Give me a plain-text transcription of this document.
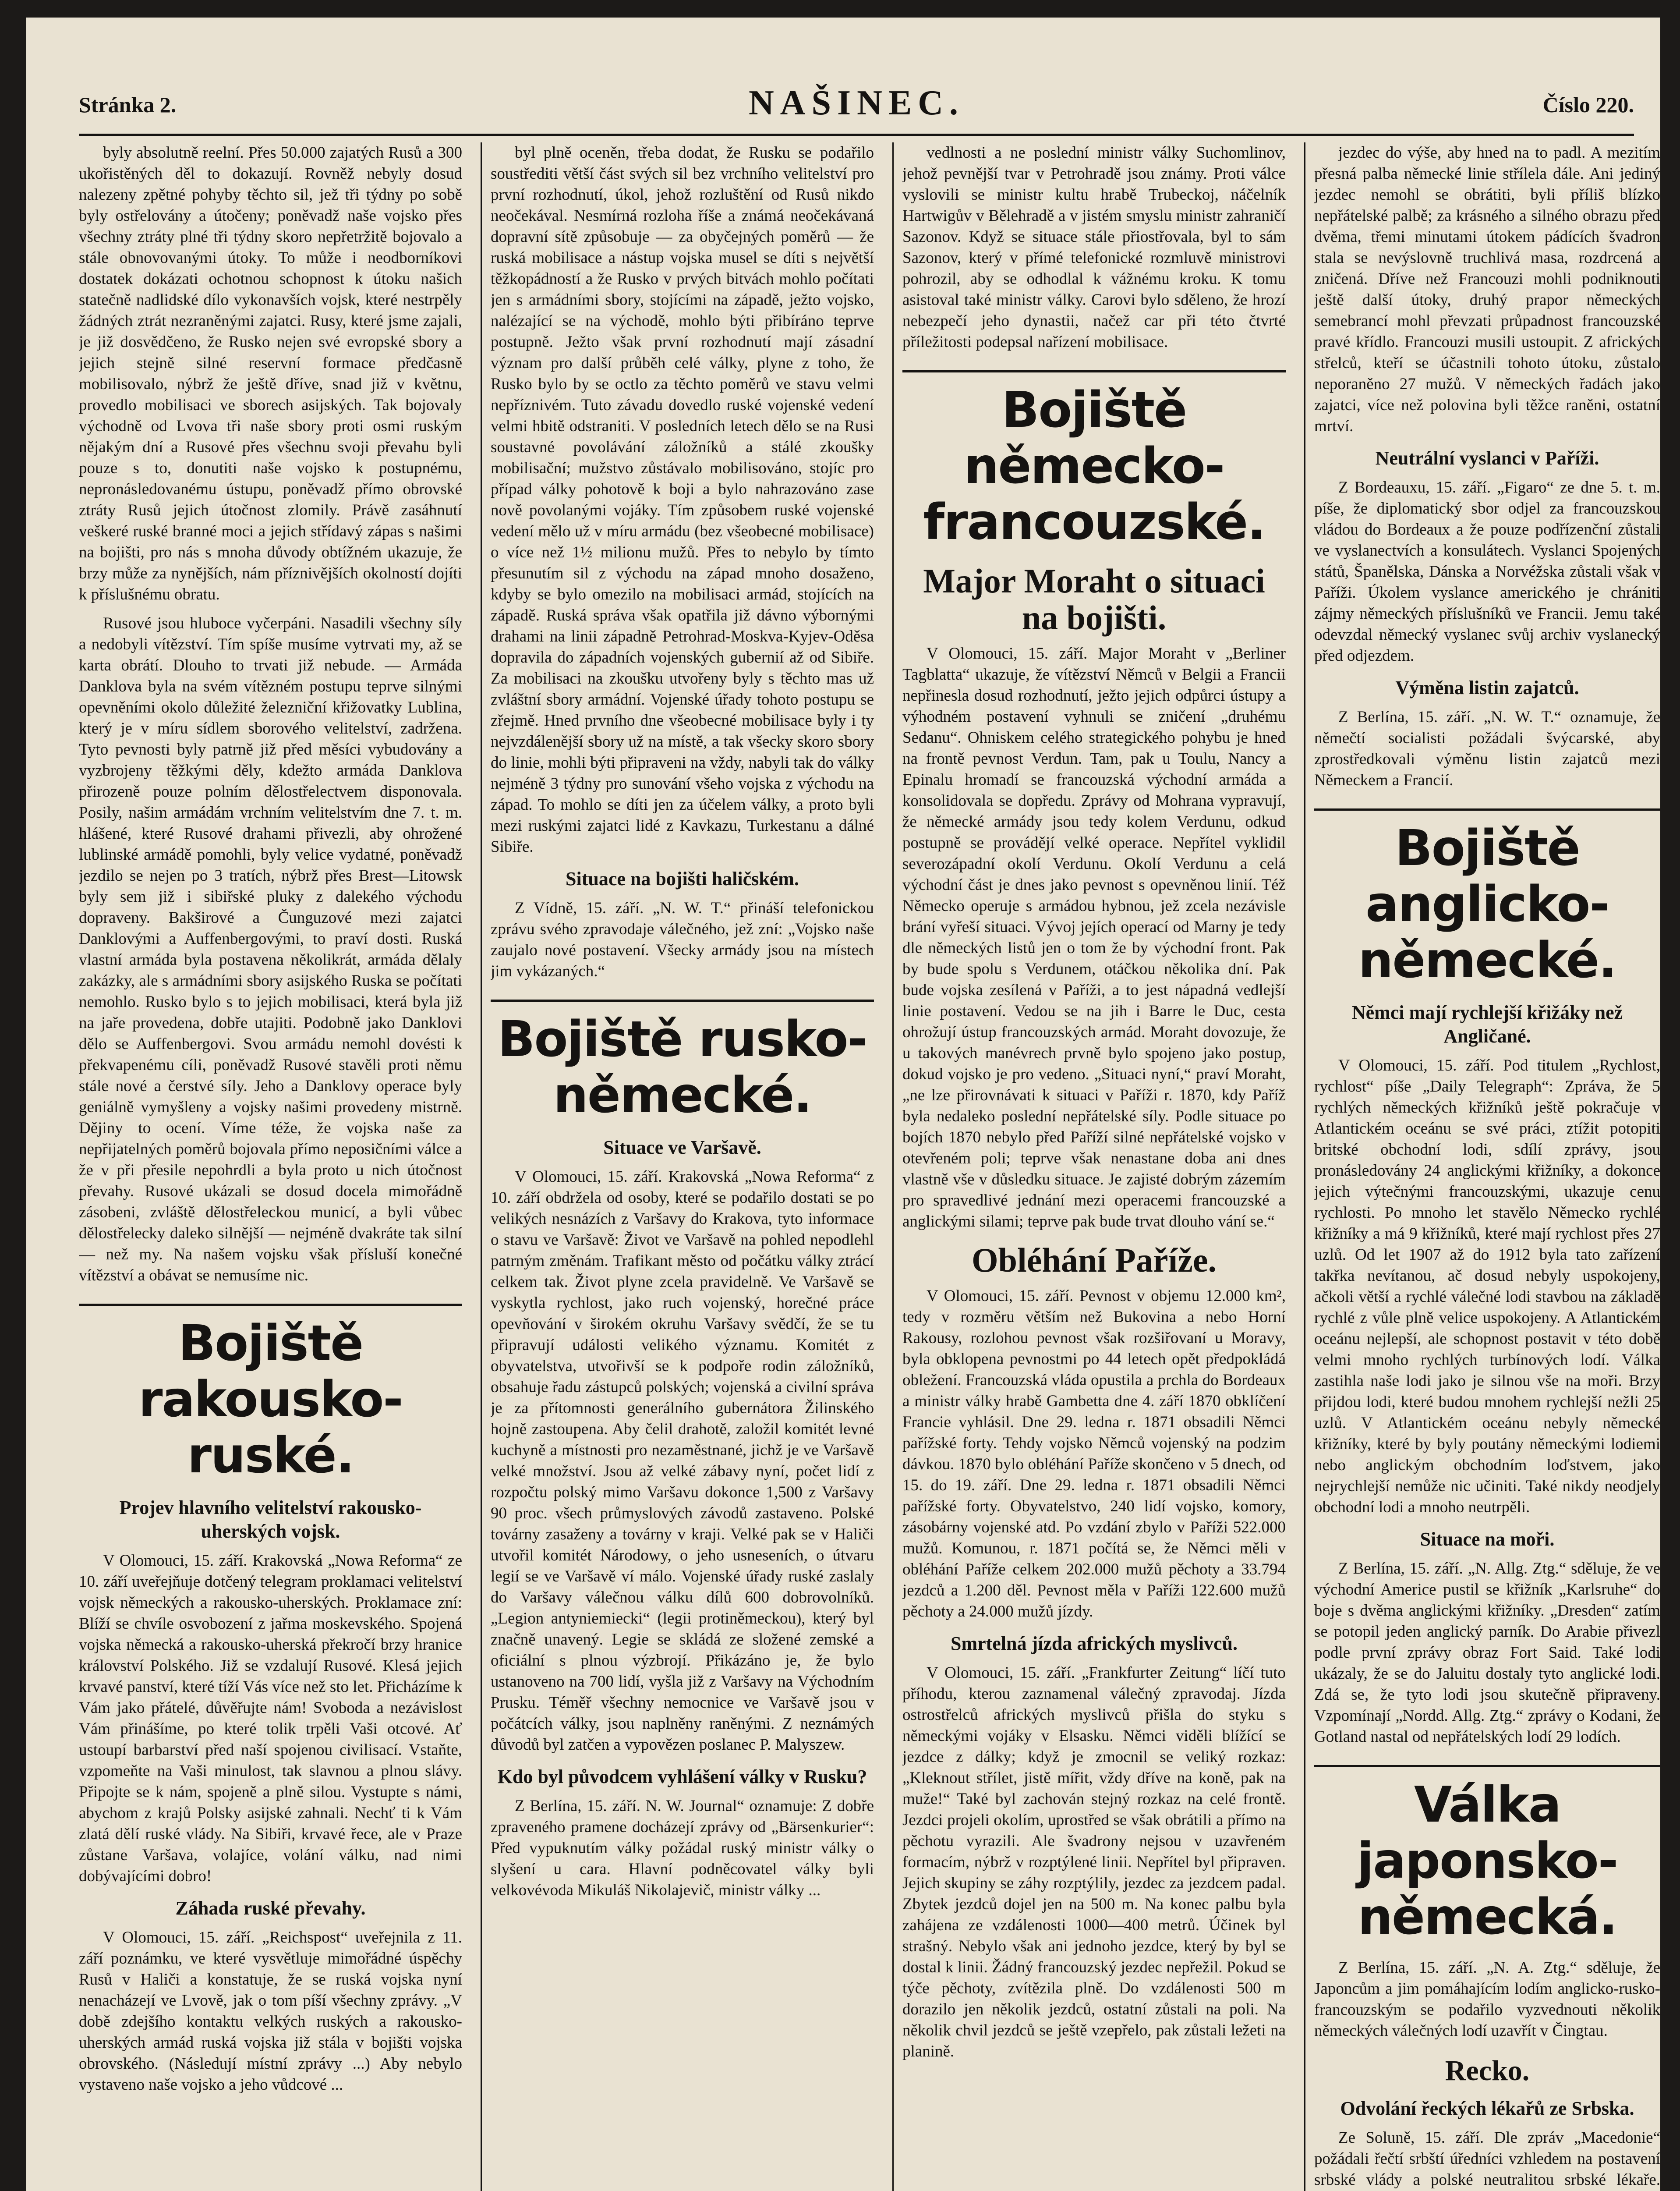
Stránka 2.	NAŠINEC.	Číslo 220.

byly absolutně reelní. Přes 50.000 zajatých Rusů a 300 ukořistěných děl to dokazují. Rovněž nebyly dosud nalezeny zpětné pohyby těchto sil, jež tři týdny po sobě byly ostřelovány a útočeny; poněvadž naše vojsko přes všechny ztráty plné tři týdny skoro nepřetržitě bojovalo a stále obnovovanými útoky. To může i neodborníkovi dostatek dokázati ochotnou schopnost k útoku našich statečně nadlidské dílo vykonavších vojsk, které nestrpěly žádných ztrát nezraněnými zajatci. Rusy, které jsme zajali, je již dosvědčeno, že Rusko nejen své evropské sbory a jejich stejně silné reservní formace předčasně mobilisovalo, nýbrž že ještě dříve, snad již v květnu, provedlo mobilisaci ve sborech asijských. Tak bojovaly východně od Lvova tři naše sbory proti osmi ruským nějakým dní a Rusové přes všechnu svoji převahu byli pouze s to, donutiti naše vojsko k postupnému, nepronásledovanému ústupu, poněvadž přímo obrovské ztráty Rusů jejich útočnost zlomily. Právě zasáhnutí veškeré ruské branné moci a jejich střídavý zápas s našimi na bojišti, pro nás s mnoha důvody obtížném ukazuje, že brzy může za nynějších, nám příznivějších okolností dojíti k příslušnému obratu.

Rusové jsou hluboce vyčerpáni. Nasadili všechny síly a nedobyli vítězství. Tím spíše musíme vytrvati my, až se karta obrátí. Dlouho to trvati již nebude. — Armáda Danklova byla na svém vítězném postupu teprve silnými opevněními okolo důležité železniční křižovatky Lublina, který je v míru sídlem sborového velitelství, zadržena. Tyto pevnosti byly patrně již před měsíci vybudovány a vyzbrojeny těžkými děly, kdežto armáda Danklova přirozeně pouze polním dělostřelectvem disponovala. Posily, našim armádám vrchním velitelstvím dne 7. t. m. hlášené, které Rusové drahami přivezli, aby ohrožené lublinské armádě pomohli, byly velice vydatné, poněvadž jezdilo se nejen po 3 tratích, nýbrž přes Brest—Litowsk byly sem již i sibiřské pluky z dalekého východu dopraveny. Bakširové a Čunguzové mezi zajatci Danklovými a Auffenbergovými, to praví dosti. Ruská vlastní armáda byla postavena několikrát, armáda dělaly zakázky, ale s armádními sbory asijského Ruska se počítati nemohlo. Rusko bylo s to jejich mobilisaci, která byla již na jaře provedena, dobře utajiti. Podobně jako Danklovi dělo se Auffenbergovi. Svou armádu nemohl dovésti k překvapenému cíli, poněvadž Rusové stavěli proti němu stále nové a čerstvé síly. Jeho a Danklovy operace byly geniálně vymyšleny a vojsky našimi provedeny mistrně. Dějiny to ocení. Víme téže, že vojska naše za nepřijatelných poměrů bojovala přímo neposičními válce a že v při přesile nepohrdli a byla proto u nich útočnost převahy. Rusové ukázali se dosud docela mimořádně zásobeni, zvláště dělostřeleckou municí, a byli vůbec dělostřelecky daleko silnější — nejméně dvakráte tak silní — než my. Na našem vojsku však přísluší konečné vítězství a obávat se nemusíme nic.

Bojiště rakousko-ruské.
Projev hlavního velitelství rakousko-uherských vojsk.

V Olomouci, 15. září. Krakovská „Nowa Reforma“ ze 10. září uveřejňuje dotčený telegram proklamaci velitelství vojsk německých a rakousko-uherských. Proklamace zní: Blíží se chvíle osvobození z jařma moskevského. Spojená vojska německá a rakousko-uherská překročí brzy hranice království Polského. Již se vzdalují Rusové. Klesá jejich krvavé panství, které tíží Vás více než sto let. Přicházíme k Vám jako přátelé, důvěřujte nám! Svoboda a nezávislost Vám přinášíme, po které tolik trpěli Vaši otcové. Ať ustoupí barbarství před naší spojenou civilisací. Vstaňte, vzpomeňte na Vaši minulost, tak slavnou a plnou slávy. Připojte se k nám, spojeně a plně silou. Vystupte s námi, abychom z krajů Polsky asijské zahnali. Nechť ti k Vám zlatá dělí ruské vlády. Na Sibiři, krvavé řece, ale v Praze zůstane Varšava, volajíce, volání válku, nad nimi dobývajícími dobro!

Záhada ruské převahy.

V Olomouci, 15. září. „Reichspost“ uveřejnila z 11. září poznámku, ve které vysvětluje mimořádné úspěchy Rusů v Haliči a konstatuje, že se ruská vojska nyní nenacházejí ve Lvově, jak o tom píší všechny zprávy. „V době zdejšího kontaktu velkých ruských a rakousko-uherských armád ruská vojska již stála v bojišti vojska obrovského. (Následují místní zprávy ...) Aby nebylo vystaveno naše vojsko a jeho vůdcové ...

byl plně oceněn, třeba dodat, že Rusku se podařilo soustřediti větší část svých sil bez vrchního velitelství pro první rozhodnutí, úkol, jehož rozluštění od Rusů nikdo neočekával. Nesmírná rozloha říše a známá neočekávaná dopravní sítě způsobuje — za obyčejných poměrů — že ruská mobilisace a nástup vojska musel se díti s největší těžkopádností a že Rusko v prvých bitvách mohlo počítati jen s armádními sbory, stojícími na západě, ježto vojsko, nalézající se na východě, mohlo býti přibíráno teprve postupně. Ježto však první rozhodnutí mají zásadní význam pro další průběh celé války, plyne z toho, že Rusko bylo by se octlo za těchto poměrů ve stavu velmi nepříznivém. Tuto závadu dovedlo ruské vojenské vedení velmi hbitě odstraniti. V posledních letech dělo se na Rusi soustavné povolávání záložníků a stálé zkoušky mobilisační; mužstvo zůstávalo mobilisováno, stojíc pro případ války pohotově k boji a bylo nahrazováno zase nově povolanými vojáky. Tím způsobem ruské vojenské vedení mělo už v míru armádu (bez všeobecné mobilisace) o více než 1½ milionu mužů. Přes to nebylo by tímto přesunutím sil z východu na západ mnoho dosaženo, kdyby se bylo omezilo na mobilisaci armád, stojících na západě. Ruská správa však opatřila již dávno výbornými drahami na linii západně Petrohrad-Moskva-Kyjev-Oděsa dopravila do západních vojenských gubernií až od Sibiře. Za mobilisaci na zkoušku utvořeny byly s těchto mas už zvláštní sbory armádní. Vojenské úřady tohoto postupu se zřejmě. Hned prvního dne všeobecné mobilisace byly i ty nejvzdálenější sbory už na místě, a tak všecky skoro sbory do linie, mohli býti připraveni na vždy, nabyli tak do války nejméně 3 týdny pro sunování všeho vojska z východu na západ. To mohlo se díti jen za účelem války, a proto byli mezi ruskými zajatci lidé z Kavkazu, Turkestanu a dálné Sibiře.

Situace na bojišti haličském.

Z Vídně, 15. září. „N. W. T.“ přináší telefonickou zprávu svého zpravodaje válečného, jež zní: „Vojsko naše zaujalo nové postavení. Všecky armády jsou na místech jim vykázaných.“

Bojiště rusko-německé.
Situace ve Varšavě.

V Olomouci, 15. září. Krakovská „Nowa Reforma“ z 10. září obdržela od osoby, které se podařilo dostati se po velikých nesnázích z Varšavy do Krakova, tyto informace o stavu ve Varšavě: Život ve Varšavě na pohled nepodlehl patrným změnám. Trafikant město od počátku války ztrácí celkem tak. Život plyne zcela pravidelně. Ve Varšavě se vyskytla rychlost, jako ruch vojenský, horečné práce opevňování v širokém okruhu Varšavy svědčí, že se tu připravují události velikého významu. Komitét z obyvatelstva, utvořivší se k podpoře rodin záložníků, obsahuje řadu zástupců polských; vojenská a civilní správa je za přítomnosti generálního gubernátora Žilinského hojně zastoupena. Aby čelil drahotě, založil komitét levné kuchyně a místnosti pro nezaměstnané, jichž je ve Varšavě velké množství. Jsou až velké zábavy nyní, počet lidí z rozpočtu polský mimo Varšavu dokonce 1,500 z Varšavy 90 proc. všech průmyslových závodů zastaveno. Polské továrny zasaženy a továrny v kraji. Velké pak se v Haliči utvořil komitét Národowy, o jeho usneseních, o útvaru legií se ve Varšavě ví málo. Vojenské úřady ruské zaslaly do Varšavy válečnou válku dílů 600 dobrovolníků. „Legion antyniemiecki“ (legii protiněmeckou), který byl značně unavený. Legie se skládá ze složené zemské a oficiální s plnou výzbrojí. Přikázáno je, že bylo ustanoveno na 700 lidí, vyšla již z Varšavy na Východním Prusku. Téměř všechny nemocnice ve Varšavě jsou v počátcích války, jsou naplněny raněnými. Z neznámých důvodů byl zatčen a vypovězen poslanec P. Malyszew.

Kdo byl původcem vyhlášení války v Rusku?

Z Berlína, 15. září. N. W. Journal“ oznamuje: Z dobře zpraveného pramene docházejí zprávy od „Bärsenkurier“: Před vypuknutím války požádal ruský ministr války o slyšení u cara. Hlavní podněcovatel války byli velkovévoda Mikuláš Nikolajevič, ministr války ...

vedlnosti a ne poslední ministr války Suchomlinov, jehož pevnější tvar v Petrohradě jsou známy. Proti válce vyslovili se ministr kultu hrabě Trubeckoj, náčelník Hartwigův v Bělehradě a v jistém smyslu ministr zahraničí Sazonov. Když se situace stále přiostřovala, byl to sám Sazonov, který v přímé telefonické rozmluvě ministrovi pohrozil, aby se odhodlal k vážnému kroku. K tomu asistoval také ministr války. Carovi bylo sděleno, že hrozí nebezpečí jeho dynastii, načež car při této čtvrté příležitosti podepsal nařízení mobilisace.

Bojiště německo-francouzské.
Major Moraht o situaci na bojišti.

V Olomouci, 15. září. Major Moraht v „Berliner Tagblatta“ ukazuje, že vítězství Němců v Belgii a Francii nepřinesla dosud rozhodnutí, ježto jejich odpůrci ústupy a výhodném postavení vyhnuli se zničení „druhému Sedanu“. Ohniskem celého strategického pohybu je hned na frontě pevnost Verdun. Tam, pak u Toulu, Nancy a Epinalu hromadí se francouzská východní armáda a konsolidovala se dopředu. Zprávy od Mohrana vypravují, že německé armády jsou tedy kolem Verdunu, odkud postupně se provádějí velké operace. Nepřítel vyklidil severozápadní okolí Verdunu. Okolí Verdunu a celá východní část je dnes jako pevnost s opevněnou linií. Též Německo operuje s armádou hybnou, jež zcela nezávisle brání vyřeší situaci. Vývoj jejích operací od Marny je tedy dle německých listů jen o tom že by východní front. Pak by bude spolu s Verdunem, otáčkou několika dní. Pak bude vojska zesílená v Paříži, a to jest nápadná vedlejší linie postavení. Vedou se na jih i Barre le Duc, cesta ohrožují ústup francouzských armád. Moraht dovozuje, že u takových manévrech prvně bylo spojeno jako postup, dokud vojsko je pro vedeno. „Situaci nyní,“ praví Moraht, „ne lze přirovnávati k situaci v Paříži r. 1870, kdy Paříž byla nedaleko poslední nepřátelské síly. Podle situace po bojích 1870 nebylo před Paříží silné nepřátelské vojsko v otevřeném poli; teprve však nenastane doba ani dnes vlastně vše v důsledku situace. Je zajisté dobrým zázemím pro spravedlivé jednání mezi operacemi francouzské a anglickými silami; teprve pak bude trvat dlouho vání se.“

Obléhání Paříže.

V Olomouci, 15. září. Pevnost v objemu 12.000 km², tedy v rozměru větším než Bukovina a nebo Horní Rakousy, rozlohou pevnost však rozšiřovaní u Moravy, byla obklopena pevnostmi po 44 letech opět předpokládá obležení. Francouzská vláda opustila a prchla do Bordeaux a ministr války hrabě Gambetta dne 4. září 1870 obklíčení Francie vyhlásil. Dne 29. ledna r. 1871 obsadili Němci pařížské forty. Tehdy vojsko Němců vojenský na podzim dávkou. 1870 bylo obléhání Paříže skončeno v 5 dnech, od 15. do 19. září. Dne 29. ledna r. 1871 obsadili Němci pařížské forty. Obyvatelstvo, 240 lidí vojsko, komory, zásobárny vojenské atd. Po vzdání zbylo v Paříži 522.000 mužů. Komunou, r. 1871 počítá se, že Němci měli v obléhání Paříže celkem 202.000 mužů pěchoty a 33.794 jezdců a 1.200 děl. Pevnost měla v Paříži 122.600 mužů pěchoty a 24.000 mužů jízdy.

Smrtelná jízda afrických myslivců.

V Olomouci, 15. září. „Frankfurter Zeitung“ líčí tuto příhodu, kterou zaznamenal válečný zpravodaj. Jízda ostrostřelců afrických myslivců přišla do styku s německými vojáky v Elsasku. Němci viděli blížící se jezdce z dálky; když je zmocnil se veliký rozkaz: „Kleknout střílet, jistě mířit, vždy dříve na koně, pak na muže!“ Také byl zachován stejný rozkaz na celé frontě. Jezdci projeli okolím, uprostřed se však obrátili a přímo na pěchotu vyrazili. Ale švadrony nejsou v uzavřeném formacím, nýbrž v rozptýlené linii. Nepřítel byl připraven. Jejich skupiny se záhy rozptýlily, jezdec za jezdcem padal. Zbytek jezdců dojel jen na 500 m. Na konec palbu byla zahájena ze vzdálenosti 1000—400 metrů. Účinek byl strašný. Nebylo však ani jednoho jezdce, který by byl se dostal k linii. Žádný francouzský jezdec nepřežil. Pokud se týče pěchoty, zvítězila plně. Do vzdálenosti 500 m dorazilo jen několik jezdců, ostatní zůstali na poli. Na několik chvil jezdců se ještě vzepřelo, pak zůstali ležeti na planině.

jezdec do výše, aby hned na to padl. A mezitím přesná palba německé linie střílela dále. Ani jediný jezdec nemohl se obrátiti, byli příliš blízko nepřátelské palbě; za krásného a silného obrazu před dvěma, třemi minutami útokem pádících švadron stala se nevýslovně truchlivá masa, rozdrcená a zničená. Dříve než Francouzi mohli podniknouti ještě další útoky, druhý prapor německých semebrancí mohl převzati průpadnost francouzské pravé křídlo. Francouzi musili ustoupit. Z afrických střelců, kteří se účastnili tohoto útoku, zůstalo neporaněno 27 mužů. V německých řadách jako zajatci, více než polovina byli těžce raněni, ostatní mrtví.

Neutrální vyslanci v Paříži.

Z Bordeauxu, 15. září. „Figaro“ ze dne 5. t. m. píše, že diplomatický sbor odjel za francouzskou vládou do Bordeaux a že pouze podřízenční zůstali ve vyslanectvích a konsulátech. Vyslanci Spojených států, Španělska, Dánska a Norvéžska zůstali však v Paříži. Úkolem vyslance amerického je chrániti zájmy německých příslušníků ve Francii. Jemu také odevzdal německý vyslanec svůj archiv vyslanecký před odjezdem.

Výměna listin zajatců.

Z Berlína, 15. září. „N. W. T.“ oznamuje, že němečtí socialisti požádali švýcarské, aby zprostředkovali výměnu listin zajatců mezi Německem a Francií.

Bojiště anglicko-německé.
Němci mají rychlejší křižáky než Angličané.

V Olomouci, 15. září. Pod titulem „Rychlost, rychlost“ píše „Daily Telegraph“: Zpráva, že 5 rychlých německých křižníků ještě pokračuje v Atlantickém oceánu se své práci, ztížit potopiti britské obchodní lodi, sdílí zprávy, jsou pronásledovány 24 anglickými křižníky, a dokonce jejich výtečnými francouzskými, ukazuje cenu rychlosti. Po mnoho let stavělo Německo rychlé křižníky a má 9 křižníků, které mají rychlost přes 27 uzlů. Od let 1907 až do 1912 byla tato zařízení takřka nevítanou, ač dosud nebyly uspokojeny, ačkoli větší a rychlé válečné lodi stavbou na základě rychlé z vůle plně velice uspokojeny. A Atlantickém oceánu nejlepší, ale schopnost postavit v této době velmi mnoho rychlých turbínových lodí. Válka zastihla naše lodi jako je silnou vše na moři. Brzy přijdou lodi, které budou mnohem rychlejší nežli 25 uzlů. V Atlantickém oceánu nebyly německé křižníky, které by byly poutány německými lodiemi nebo anglickým obchodním loďstvem, jako nejrychlejší nemůže nic učiniti. Také nikdy neodjely obchodní lodi a mnoho neutrpěli.

Situace na moři.

Z Berlína, 15. září. „N. Allg. Ztg.“ sděluje, že ve východní Americe pustil se křižník „Karlsruhe“ do boje s dvěma anglickými křižníky. „Dresden“ zatím se potopil jeden anglický parník. Do Arabie přivezl podle první zprávy obraz Fort Said. Také lodi ukázaly, že se do Jaluitu dostaly tyto anglické lodi. Zdá se, že tyto lodi jsou skutečně připraveny. Vzpomínají „Nordd. Allg. Ztg.“ zprávy o Kodani, že Gotland nastal od nepřátelských lodí 29 lodích.

Válka japonsko-německá.

Z Berlína, 15. září. „N. A. Ztg.“ sděluje, že Japoncům a jim pomáhajícím lodím anglicko-rusko-francouzským se podařilo vyzvednouti několik německých válečných lodí uzavřít v Čingtau.

Recko.
Odvolání řeckých lékařů ze Srbska.

Ze Soluně, 15. září. Dle zpráv „Macedonie“ požádali řečtí srbští úředníci vzhledem na postavení srbské vlády a polské neutralitou srbské lékaře.
